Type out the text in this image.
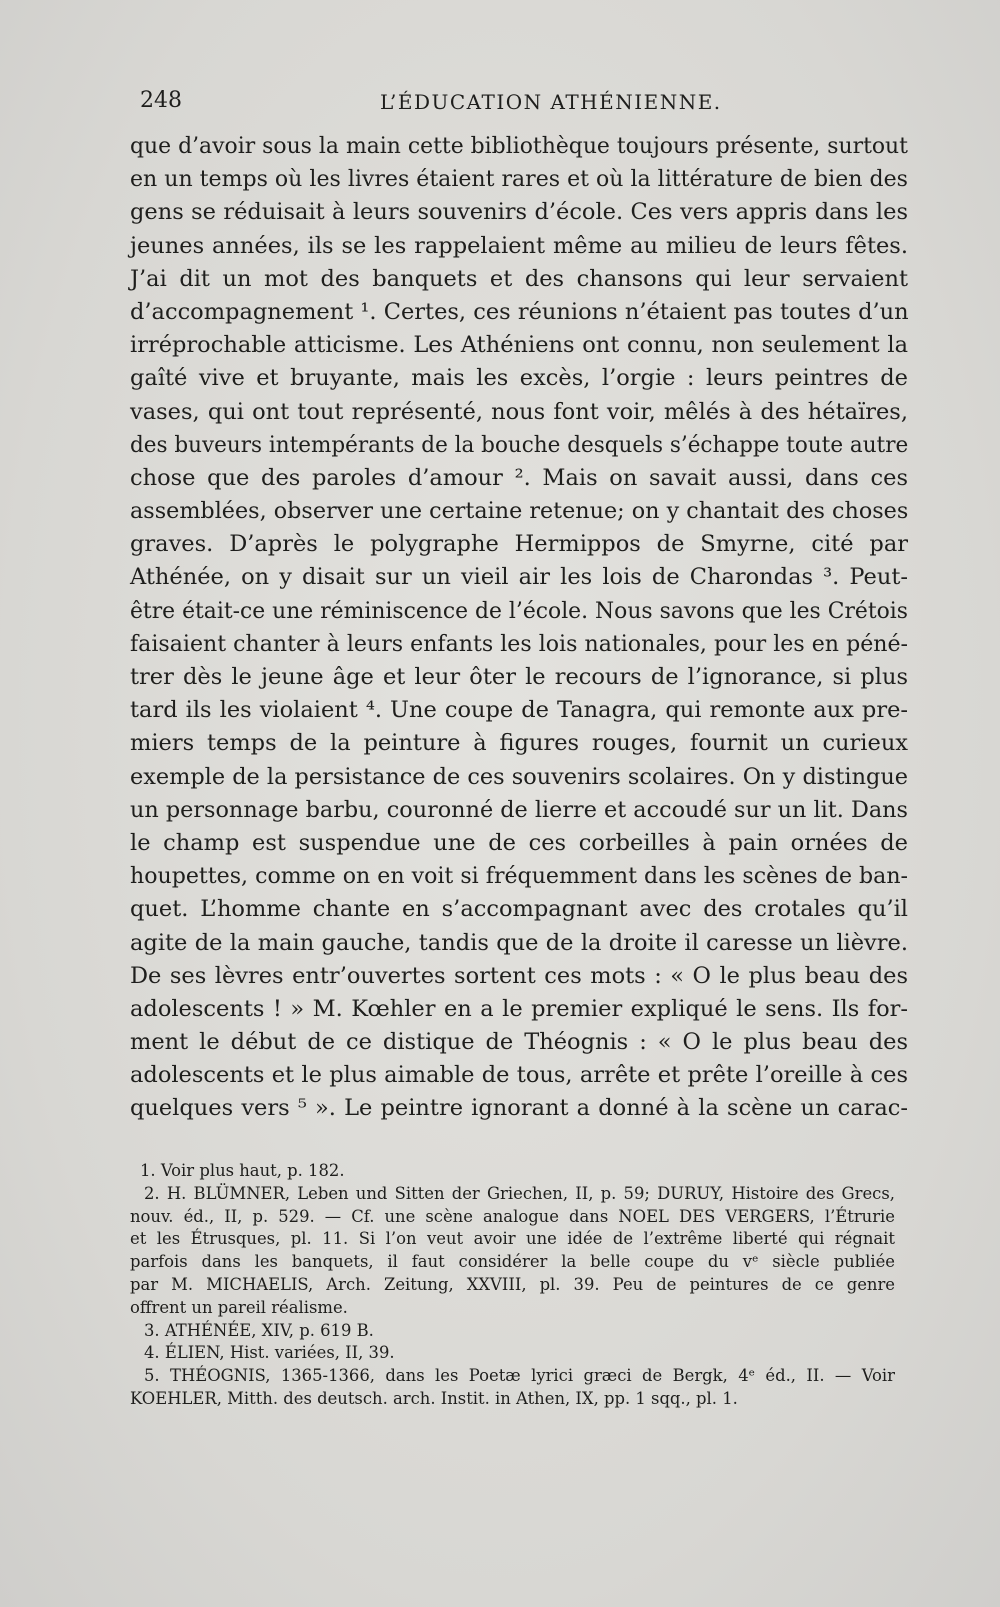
248	L’ÉDUCATION ATHÉNIENNE.
que d’avoir sous la main cette bibliothèque toujours présente, surtout
en un temps où les livres étaient rares et où la littérature de bien des
gens se réduisait à leurs souvenirs d’école. Ces vers appris dans les
jeunes années, ils se les rappelaient même au milieu de leurs fêtes.
J’ai dit un mot des banquets et des chansons qui leur servaient
d’accompagnement ¹. Certes, ces réunions n’étaient pas toutes d’un
irréprochable atticisme. Les Athéniens ont connu, non seulement la
gaîté vive et bruyante, mais les excès, l’orgie : leurs peintres de
vases, qui ont tout représenté, nous font voir, mêlés à des hétaïres,
des buveurs intempérants de la bouche desquels s’échappe toute autre
chose que des paroles d’amour ². Mais on savait aussi, dans ces
assemblées, observer une certaine retenue; on y chantait des choses
graves. D’après le polygraphe Hermippos de Smyrne, cité par
Athénée, on y disait sur un vieil air les lois de Charondas ³. Peut-
être était-ce une réminiscence de l’école. Nous savons que les Crétois
faisaient chanter à leurs enfants les lois nationales, pour les en péné-
trer dès le jeune âge et leur ôter le recours de l’ignorance, si plus
tard ils les violaient ⁴. Une coupe de Tanagra, qui remonte aux pre-
miers temps de la peinture à figures rouges, fournit un curieux
exemple de la persistance de ces souvenirs scolaires. On y distingue
un personnage barbu, couronné de lierre et accoudé sur un lit. Dans
le champ est suspendue une de ces corbeilles à pain ornées de
houpettes, comme on en voit si fréquemment dans les scènes de ban-
quet. L’homme chante en s’accompagnant avec des crotales qu’il
agite de la main gauche, tandis que de la droite il caresse un lièvre.
De ses lèvres entr’ouvertes sortent ces mots : « O le plus beau des
adolescents ! » M. Kœhler en a le premier expliqué le sens. Ils for-
ment le début de ce distique de Théognis : « O le plus beau des
adolescents et le plus aimable de tous, arrête et prête l’oreille à ces
quelques vers ⁵ ». Le peintre ignorant a donné à la scène un carac-
1. Voir plus haut, p. 182.
2. H. BLÜMNER, Leben und Sitten der Griechen, II, p. 59; DURUY, Histoire des Grecs,
nouv. éd., II, p. 529. — Cf. une scène analogue dans NOEL DES VERGERS, l’Étrurie
et les Étrusques, pl. 11. Si l’on veut avoir une idée de l’extrême liberté qui régnait
parfois dans les banquets, il faut considérer la belle coupe du vᵉ siècle publiée
par M. MICHAELIS, Arch. Zeitung, XXVIII, pl. 39. Peu de peintures de ce genre
offrent un pareil réalisme.
3. ATHÉNÉE, XIV, p. 619 B.
4. ÉLIEN, Hist. variées, II, 39.
5. THÉOGNIS, 1365-1366, dans les Poetæ lyrici græci de Bergk, 4ᵉ éd., II. — Voir
KOEHLER, Mitth. des deutsch. arch. Instit. in Athen, IX, pp. 1 sqq., pl. 1.
